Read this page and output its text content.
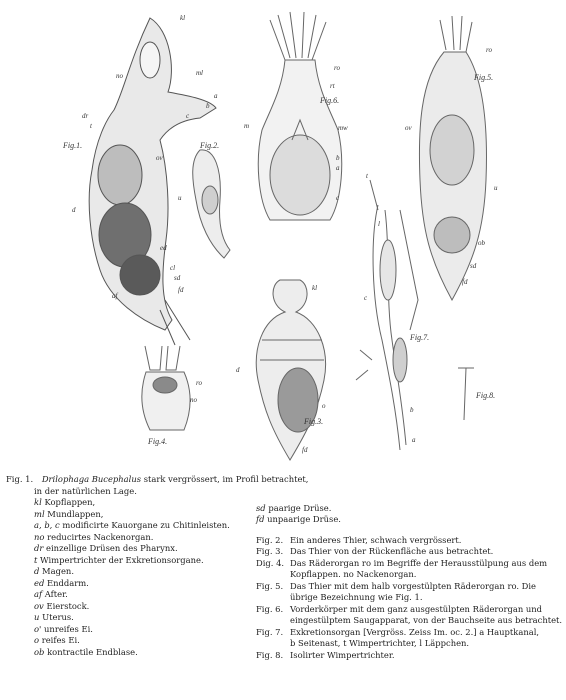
Fig.1.
kl
ml
a
b
c
no
dr
t
ov
u
d
ed
cl
sd
fd
af
Fig.2.
ro
rt
Fig.6.
m	mw
b
a
c
ro
Fig.5.
ov
u
ob
sd
fd
kl
d
o
Fig.3.
fd
ro
no
Fig.4.
t
l
c
Fig.7.
b
a
Fig.8.
Fig. 1. Drilophaga Bucephalus stark vergrössert, im Profil betrachtet,
in der natürlichen Lage.
kl Kopflappen,
ml Mundlappen,
a, b, c modificirte Kauorgane zu Chitinleisten.
no reducirtes Nackenorgan.
dr einzellige Drüsen des Pharynx.
t Wimpertrichter der Exkretionsorgane.
d Magen.
ed Enddarm.
af After.
ov Eierstock.
u Uterus.
o' unreifes Ei.
o reifes Ei.
ob kontractile Endblase.
sd paarige Drüse.
fd unpaarige Drüse.
Fig. 2. Ein anderes Thier, schwach vergrössert.
Fig. 3. Das Thier von der Rückenfläche aus betrachtet.
Dig. 4. Das Räderorgan ro im Begriffe der Herausstülpung aus dem
Kopflappen. no Nackenorgan.
Fig. 5. Das Thier mit dem halb vorgestülpten Räderorgan ro. Die
übrige Bezeichnung wie Fig. 1.
Fig. 6. Vorderkörper mit dem ganz ausgestülpten Räderorgan und
eingestülptem Saugapparat, von der Bauchseite aus betrachtet.
Fig. 7. Exkretionsorgan [Vergröss. Zeiss Im. oc. 2.] a Hauptkanal,
b Seitenast, t Wimpertrichter, l Läppchen.
Fig. 8. Isolirter Wimpertrichter.
